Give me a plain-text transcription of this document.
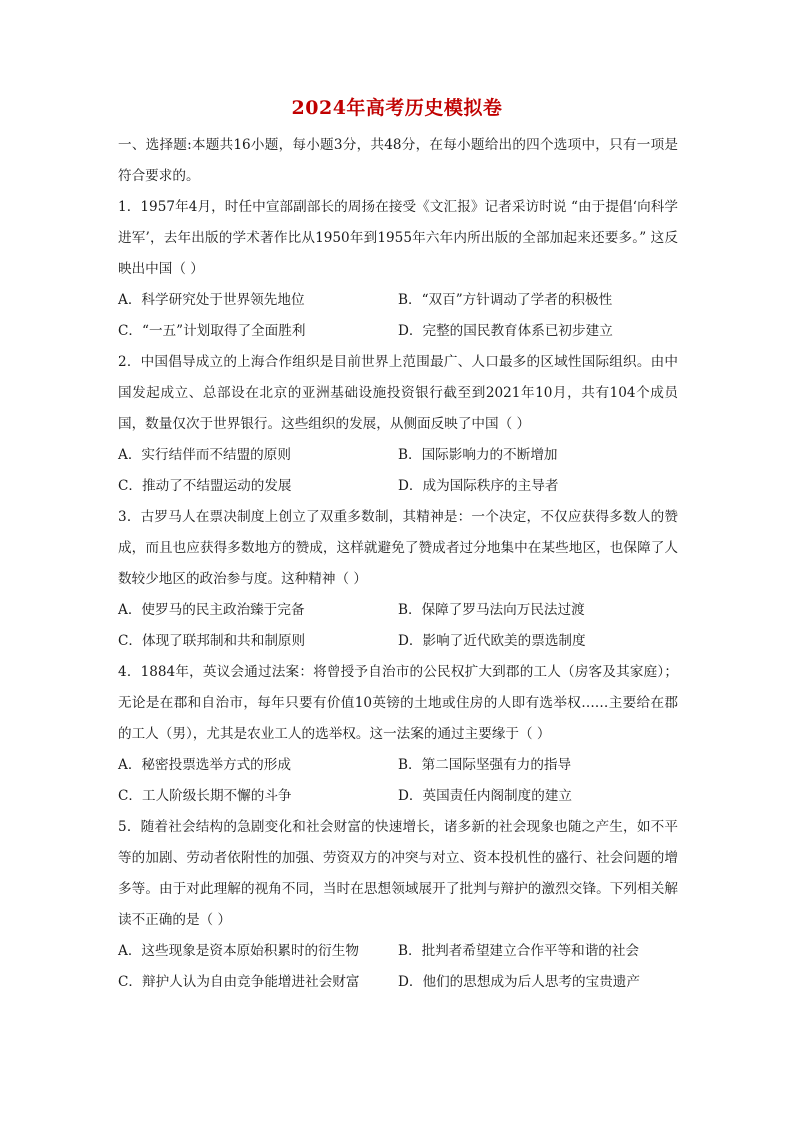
2024年高考历史模拟卷

一、选择题:本题共16小题，每小题3分，共48分，在每小题给出的四个选项中，只有一项是符合要求的。

1．1957年4月，时任中宣部副部长的周扬在接受《文汇报》记者采访时说 “由于提倡‘向科学进军’，去年出版的学术著作比从1950年到1955年六年内所出版的全部加起来还要多。” 这反映出中国（ ）

A．科学研究处于世界领先地位	B．“双百”方针调动了学者的积极性
C．“一五”计划取得了全面胜利	D．完整的国民教育体系已初步建立

2．中国倡导成立的上海合作组织是目前世界上范围最广、人口最多的区域性国际组织。由中国发起成立、总部设在北京的亚洲基础设施投资银行截至到2021年10月，共有104个成员国，数量仅次于世界银行。这些组织的发展，从侧面反映了中国（ ）

A．实行结伴而不结盟的原则	B．国际影响力的不断增加
C．推动了不结盟运动的发展	D．成为国际秩序的主导者

3．古罗马人在票决制度上创立了双重多数制，其精神是：一个决定，不仅应获得多数人的赞成，而且也应获得多数地方的赞成，这样就避免了赞成者过分地集中在某些地区，也保障了人数较少地区的政治参与度。这种精神（ ）

A．使罗马的民主政治臻于完备	B．保障了罗马法向万民法过渡
C．体现了联邦制和共和制原则	D．影响了近代欧美的票选制度

4．1884年，英议会通过法案：将曾授予自治市的公民权扩大到郡的工人（房客及其家庭）；无论是在郡和自治市，每年只要有价值10英镑的土地或住房的人即有选举权……主要给在郡的工人（男），尤其是农业工人的选举权。这一法案的通过主要缘于（ ）

A．秘密投票选举方式的形成	B．第二国际坚强有力的指导
C．工人阶级长期不懈的斗争	D．英国责任内阁制度的建立

5．随着社会结构的急剧变化和社会财富的快速增长，诸多新的社会现象也随之产生，如不平等的加剧、劳动者依附性的加强、劳资双方的冲突与对立、资本投机性的盛行、社会问题的增多等。由于对此理解的视角不同，当时在思想领域展开了批判与辩护的激烈交锋。下列相关解读不正确的是（ ）

A．这些现象是资本原始积累时的衍生物	B．批判者希望建立合作平等和谐的社会
C．辩护人认为自由竞争能增进社会财富	D．他们的思想成为后人思考的宝贵遗产
